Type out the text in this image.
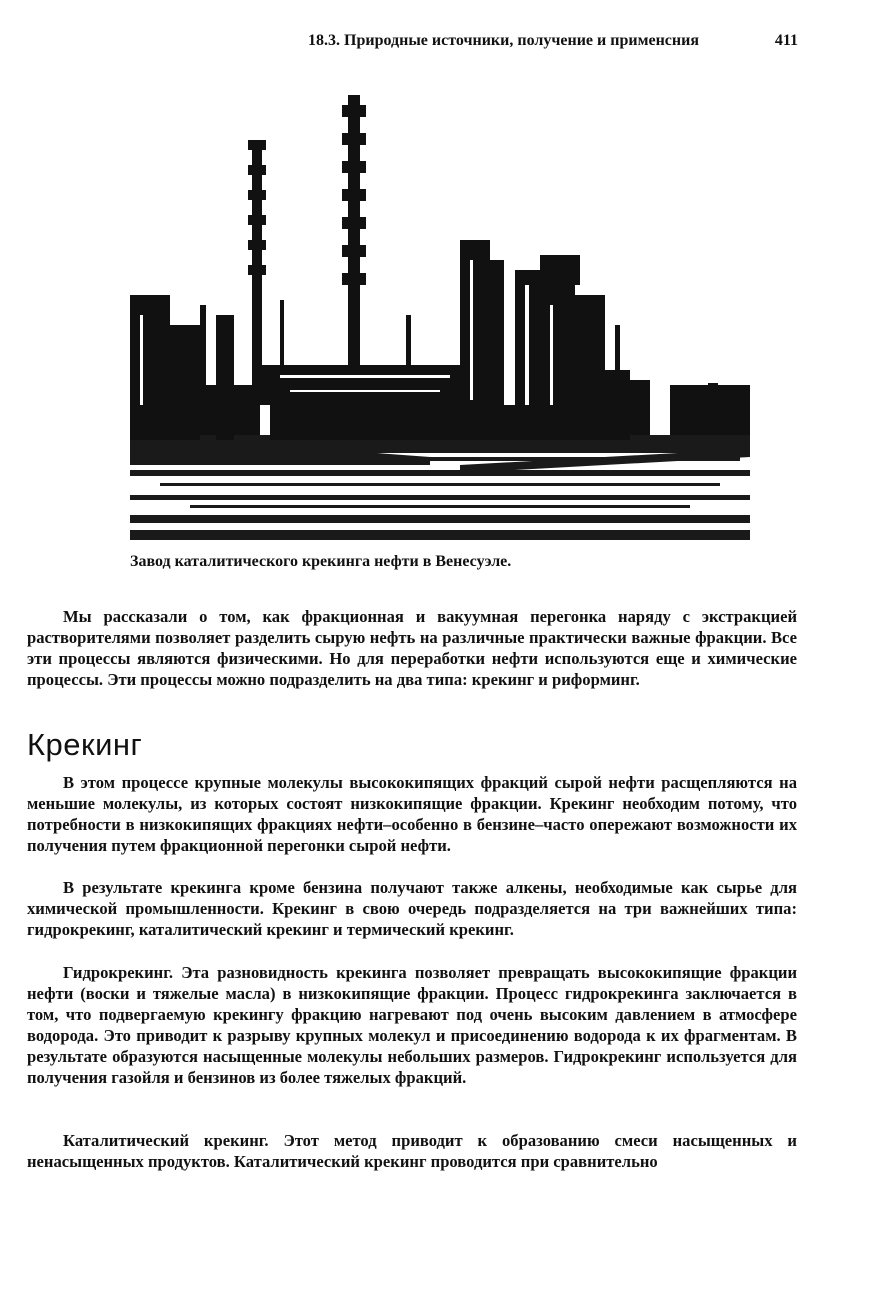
18.3. Природные источники, получение и применсния	411
Завод каталитического крекинга нефти в Венесуэле.

Мы рассказали о том, как фракционная и вакуумная перегонка наряду с экстракцией растворителями позволяет разделить сырую нефть на различные практически важные фракции. Все эти процессы являются физическими. Но для переработки нефти используются еще и химические процессы. Эти процессы можно подразделить на два типа: крекинг и риформинг.

Крекинг

В этом процессе крупные молекулы высококипящих фракций сырой нефти расщепляются на меньшие молекулы, из которых состоят низкокипящие фракции. Крекинг необходим потому, что потребности в низкокипящих фракциях нефти–особенно в бензине–часто опережают возможности их получения путем фракционной перегонки сырой нефти.

В результате крекинга кроме бензина получают также алкены, необходимые как сырье для химической промышленности. Крекинг в свою очередь подразделяется на три важнейших типа: гидрокрекинг, каталитический крекинг и термический крекинг.

Гидрокрекинг. Эта разновидность крекинга позволяет превращать высококипящие фракции нефти (воски и тяжелые масла) в низкокипящие фракции. Процесс гидрокрекинга заключается в том, что подвергаемую крекингу фракцию нагревают под очень высоким давлением в атмосфере водорода. Это приводит к разрыву крупных молекул и присоединению водорода к их фрагментам. В результате образуются насыщенные молекулы небольших размеров. Гидрокрекинг используется для получения газойля и бензинов из более тяжелых фракций.

Каталитический крекинг. Этот метод приводит к образованию смеси насыщенных и ненасыщенных продуктов. Каталитический крекинг проводится при сравнительно
